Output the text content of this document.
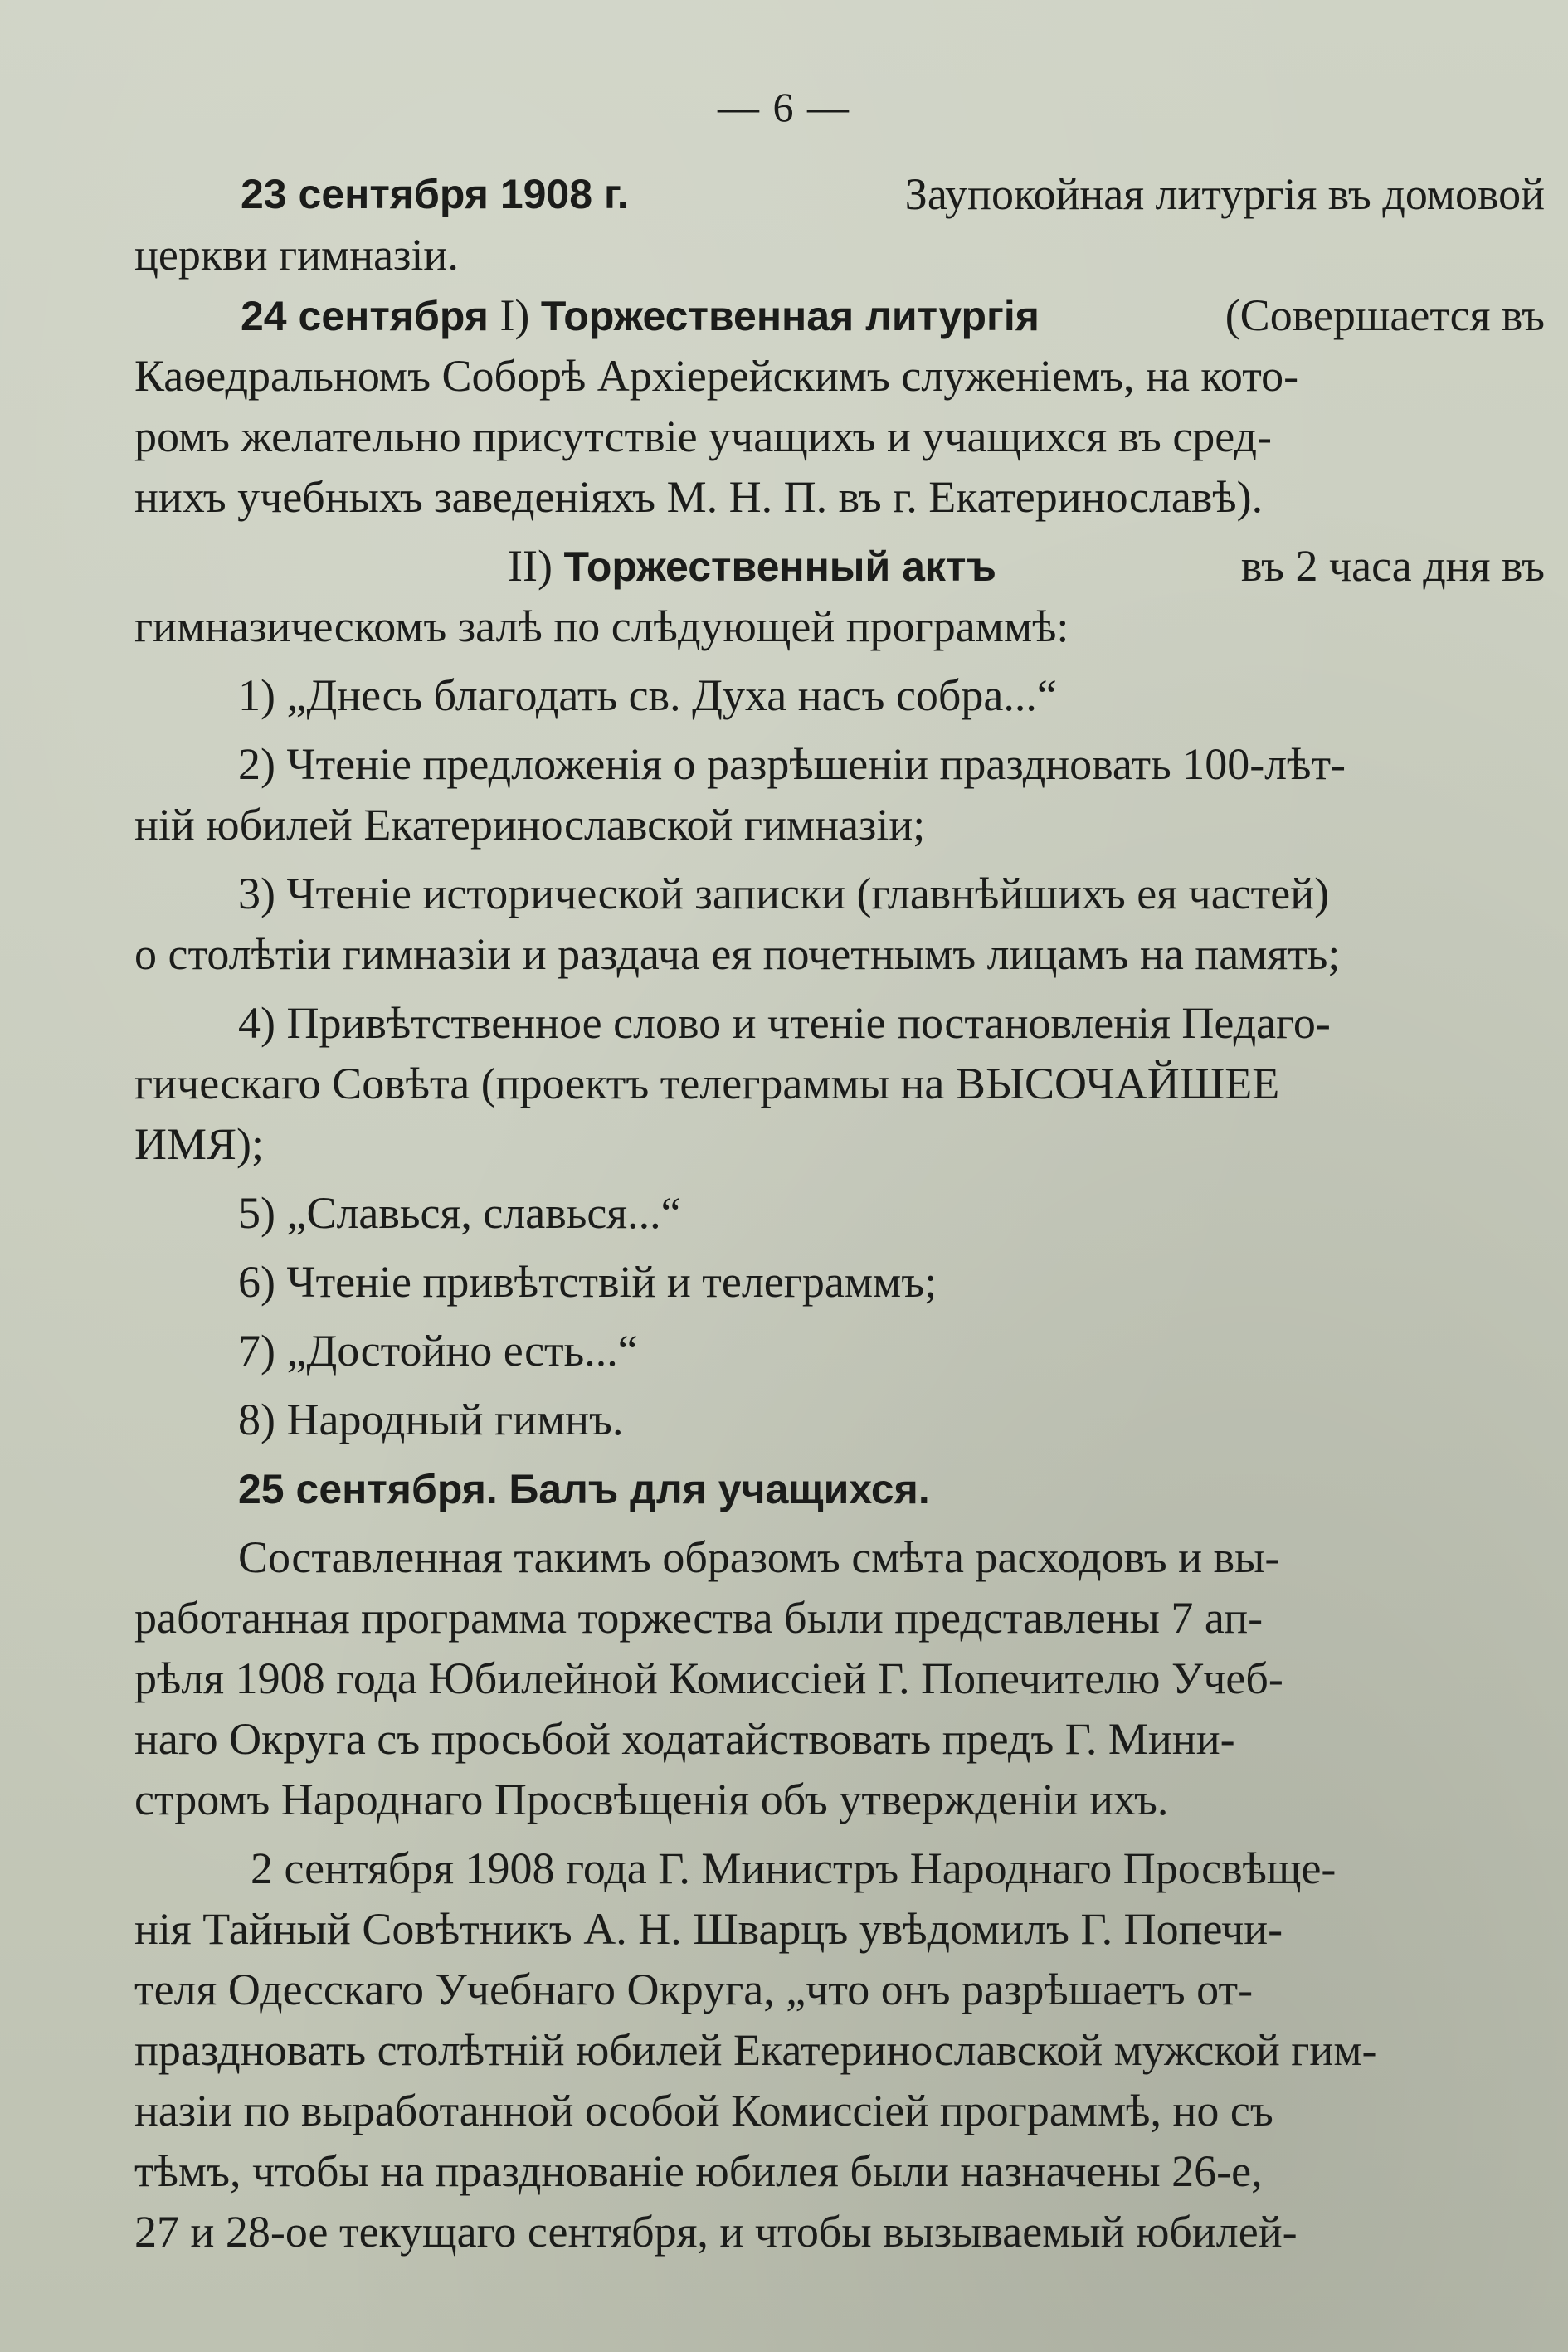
— 6 —
23 сентября 1908 г.	Заупокойная литургія въ домовой
церкви гимназіи.
24 сентября I) Торжественная литургія	(Совершается въ
Каѳедральномъ Соборѣ Архіерейскимъ служеніемъ, на кото-
ромъ желательно присутствіе учащихъ и учащихся въ сред-
нихъ учебныхъ заведеніяхъ М. Н. П. въ г. Екатеринославѣ).
II) Торжественный актъ	въ 2 часа дня въ
гимназическомъ залѣ по слѣдующей программѣ:
1) „Днесь благодать св. Духа насъ собра...“
2) Чтеніе предложенія о разрѣшеніи праздновать 100-лѣт-
ній юбилей Екатеринославской гимназіи;
3) Чтеніе исторической записки (главнѣйшихъ ея частей)
о столѣтіи гимназіи и раздача ея почетнымъ лицамъ на память;
4) Привѣтственное слово и чтеніе постановленія Педаго-
гическаго Совѣта (проектъ телеграммы на ВЫСОЧАЙШЕЕ
ИМЯ);
5) „Славься, славься...“
6) Чтеніе привѣтствій и телеграммъ;
7) „Достойно есть...“
8) Народный гимнъ.
25 сентября. Балъ для учащихся.
Составленная такимъ образомъ смѣта расходовъ и вы-
работанная программа торжества были представлены 7 ап-
рѣля 1908 года Юбилейной Комиссіей Г. Попечителю Учеб-
наго Округа съ просьбой ходатайствовать предъ Г. Мини-
стромъ Народнаго Просвѣщенія объ утвержденіи ихъ.
2 сентября 1908 года Г. Министръ Народнаго Просвѣще-
нія Тайный Совѣтникъ А. Н. Шварцъ увѣдомилъ Г. Попечи-
теля Одесскаго Учебнаго Округа, „что онъ разрѣшаетъ от-
праздновать столѣтній юбилей Екатеринославской мужской гим-
назіи по выработанной особой Комиссіей программѣ, но съ
тѣмъ, чтобы на празднованіе юбилея были назначены 26-е,
27 и 28-ое текущаго сентября, и чтобы вызываемый юбилей-
